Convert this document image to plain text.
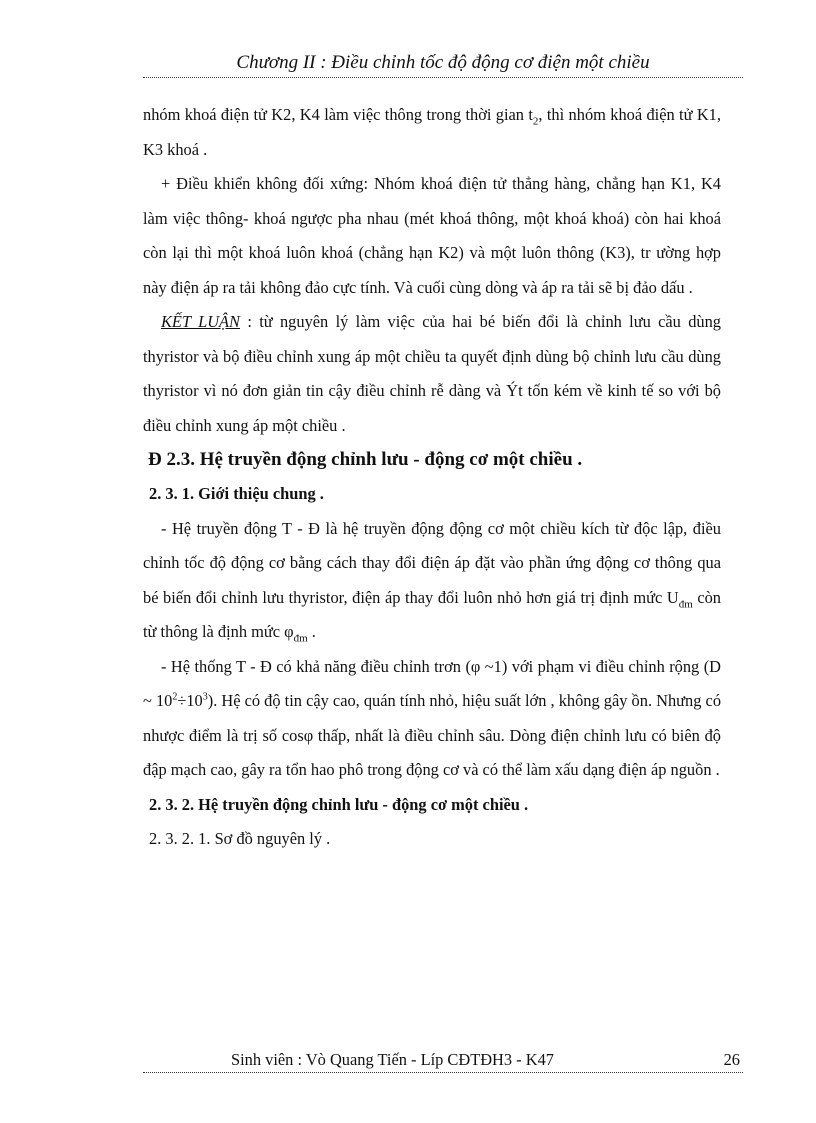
Chương II : Điều chỉnh tốc độ động cơ điện một chiều

nhóm khoá điện tử K2, K4 làm việc thông trong thời gian $t_2$, thì nhóm khoá điện tử K1, K3 khoá .

+ Điều khiển không đối xứng: Nhóm khoá điện tử thẳng hàng, chẳng hạn K1, K4 làm việc thông- khoá ngược pha nhau (mét khoá thông, một khoá khoá) còn hai khoá còn lại thì một khoá luôn khoá (chẳng hạn K2) và một luôn thông (K3), tr ường hợp này điện áp ra tải không đảo cực tính. Và cuối cùng dòng và áp ra tải sẽ bị đảo dấu .

KẾT LUẬN : từ nguyên lý làm việc của hai bé biến đổi là chỉnh lưu cầu dùng thyristor và bộ điều chỉnh xung áp một chiều ta quyết định dùng bộ chỉnh lưu cầu dùng thyristor vì nó đơn giản tin cậy điều chỉnh rễ dàng và Ýt tốn kém về kinh tế so với bộ điều chỉnh xung áp một chiều .

Đ 2.3. Hệ truyền động chỉnh lưu - động cơ một chiều .

2. 3. 1. Giới thiệu chung .

- Hệ truyền động T - Đ là hệ truyền động động cơ một chiều kích từ độc lập, điều chỉnh tốc độ động cơ bằng cách thay đổi điện áp đặt vào phần ứng động cơ thông qua bé biến đổi chỉnh lưu thyristor, điện áp thay đổi luôn nhỏ hơn giá trị định mức $U_{đm}$ còn từ thông là định mức $\varphi_{đm}$ .

- Hệ thống T - Đ có khả năng điều chỉnh trơn (φ ~1) với phạm vi điều chỉnh rộng (D ~ $10^2\div 10^3$). Hệ có độ tin cậy cao, quán tính nhỏ, hiệu suất lớn , không gây ồn. Nhưng có nhược điểm là trị số cosφ thấp, nhất là điều chỉnh sâu. Dòng điện chỉnh lưu có biên độ đập mạch cao, gây ra tổn hao phô trong động cơ và có thể làm xấu dạng điện áp nguồn .

2. 3. 2. Hệ truyền động chỉnh lưu - động cơ một chiều .

2. 3. 2. 1. Sơ đồ nguyên lý .

Sinh viên : Vò Quang Tiến - Líp CĐTĐH3 - K47	26
